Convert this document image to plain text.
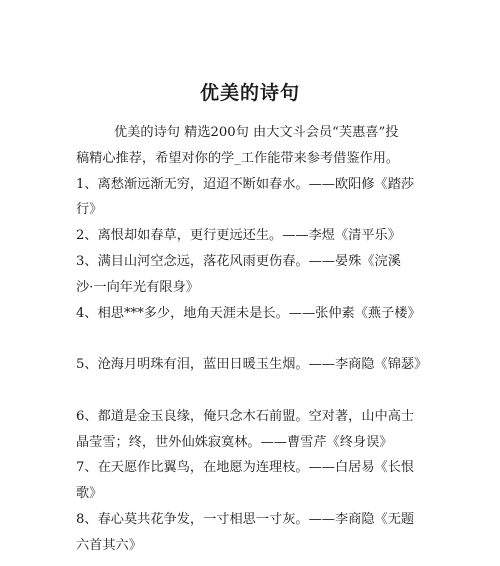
优美的诗句
优美的诗句 精选200句 由大文斗会员“芙惠喜”投
稿精心推荐，希望对你的学_工作能带来参考借鉴作用。
1、离愁渐远渐无穷，迢迢不断如春水。——欧阳修《踏莎
行》
2、离恨却如春草，更行更远还生。——李煜《清平乐》
3、满目山河空念远，落花风雨更伤春。——晏殊《浣溪
沙·一向年光有限身》
4、相思***多少，地角天涯未是长。——张仲素《燕子楼》
5、沧海月明珠有泪，蓝田日暖玉生烟。——李商隐《锦瑟》
6、都道是金玉良缘，俺只念木石前盟。空对著，山中高士
晶莹雪；终，世外仙姝寂寞林。——曹雪芹《终身误》
7、在天愿作比翼鸟，在地愿为连理枝。——白居易《长恨
歌》
8、春心莫共花争发，一寸相思一寸灰。——李商隐《无题
六首其六》
